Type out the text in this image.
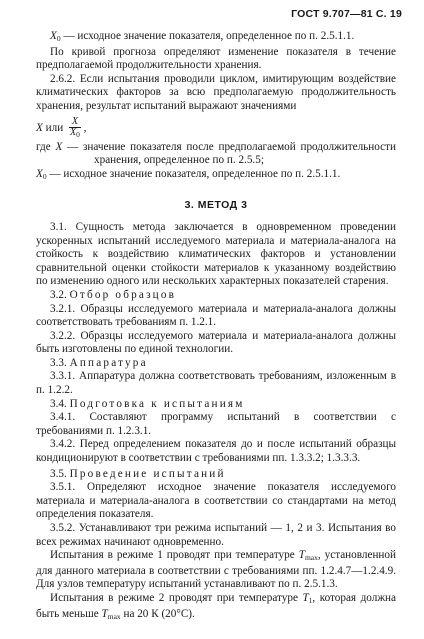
ГОСТ 9.707—81 С. 19

$X_0$ — исходное значение показателя, определенное по п. 2.5.1.1.

По кривой прогноза определяют изменение показателя в течение предполагаемой продолжительности хранения.

2.6.2. Если испытания проводили циклом, имитирующим воздействие климатических факторов за всю предполагаемую продолжительность хранения, результат испытаний выражают значениями

X или $\frac{X}{X_0}$ ,

где X — значение показателя после предполагаемой продолжительности хранения, определенное по п. 2.5.5;

$X_0$ — исходное значение показателя, определенное по п. 2.5.1.1.

3. МЕТОД 3

3.1. Сущность метода заключается в одновременном проведении ускоренных испытаний исследуемого материала и материала-аналога на стойкость к воздействию климатических факторов и установлении сравнительной оценки стойкости материалов к указанному воздействию по изменению одного или нескольких характерных показателей старения.

3.2. Отбор образцов

3.2.1. Образцы исследуемого материала и материала-аналога должны соответствовать требованиям п. 1.2.1.

3.2.2. Образцы исследуемого материала и материала-аналога должны быть изготовлены по единой технологии.

3.3. Аппаратура

3.3.1. Аппаратура должна соответствовать требованиям, изложенным в п. 1.2.2.

3.4. Подготовка к испытаниям

3.4.1. Составляют программу испытаний в соответствии с требованиями п. 1.2.3.1.

3.4.2. Перед определением показателя до и после испытаний образцы кондиционируют в соответствии с требованиями пп. 1.3.3.2; 1.3.3.3.

3.5. Проведение испытаний

3.5.1. Определяют исходное значение показателя исследуемого материала и материала-аналога в соответствии со стандартами на метод определения показателя.

3.5.2. Устанавливают три режима испытаний — 1, 2 и 3. Испытания во всех режимах начинают одновременно.

Испытания в режиме 1 проводят при температуре $T_{max}$, установленной для данного материала в соответствии с требованиями пп. 1.2.4.7—1.2.4.9. Для узлов температуру испытаний устанавливают по п. 2.5.1.3.

Испытания в режиме 2 проводят при температуре $T_1$, которая должна быть меньше $T_{max}$ на 20 К (20°С).
